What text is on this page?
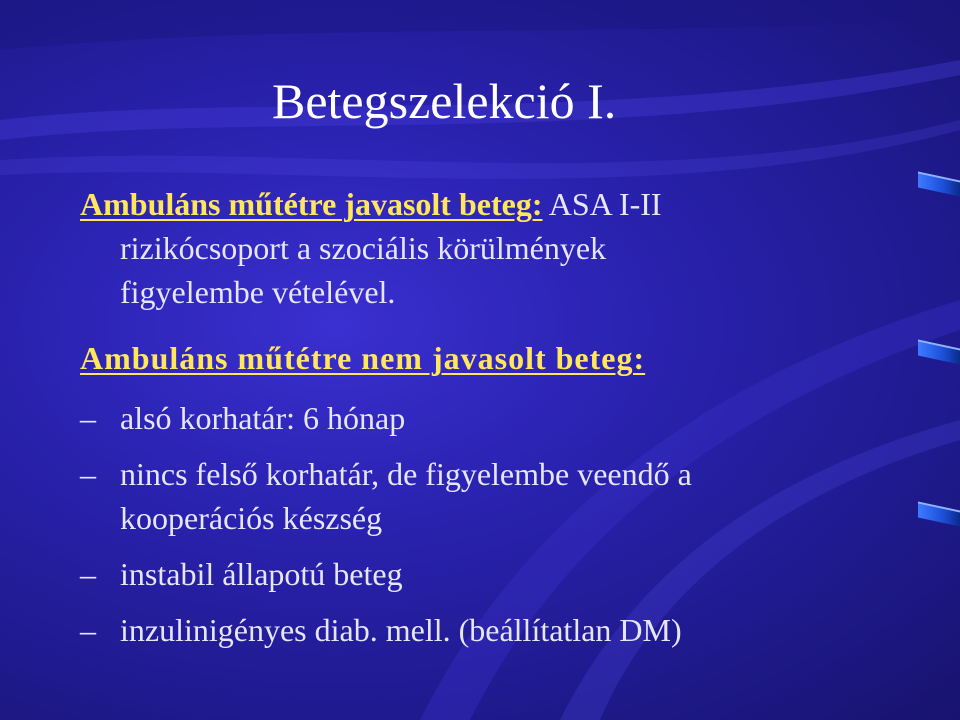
Betegszelekció I.
Ambuláns műtétre javasolt beteg: ASA I-II
rizikócsoport a szociális körülmények
figyelembe vételével.
Ambuláns műtétre nem javasolt beteg:
– alsó korhatár: 6 hónap
– nincs felső korhatár, de figyelembe veendő a
kooperációs készség
– instabil állapotú beteg
– inzulinigényes diab. mell. (beállítatlan DM)
